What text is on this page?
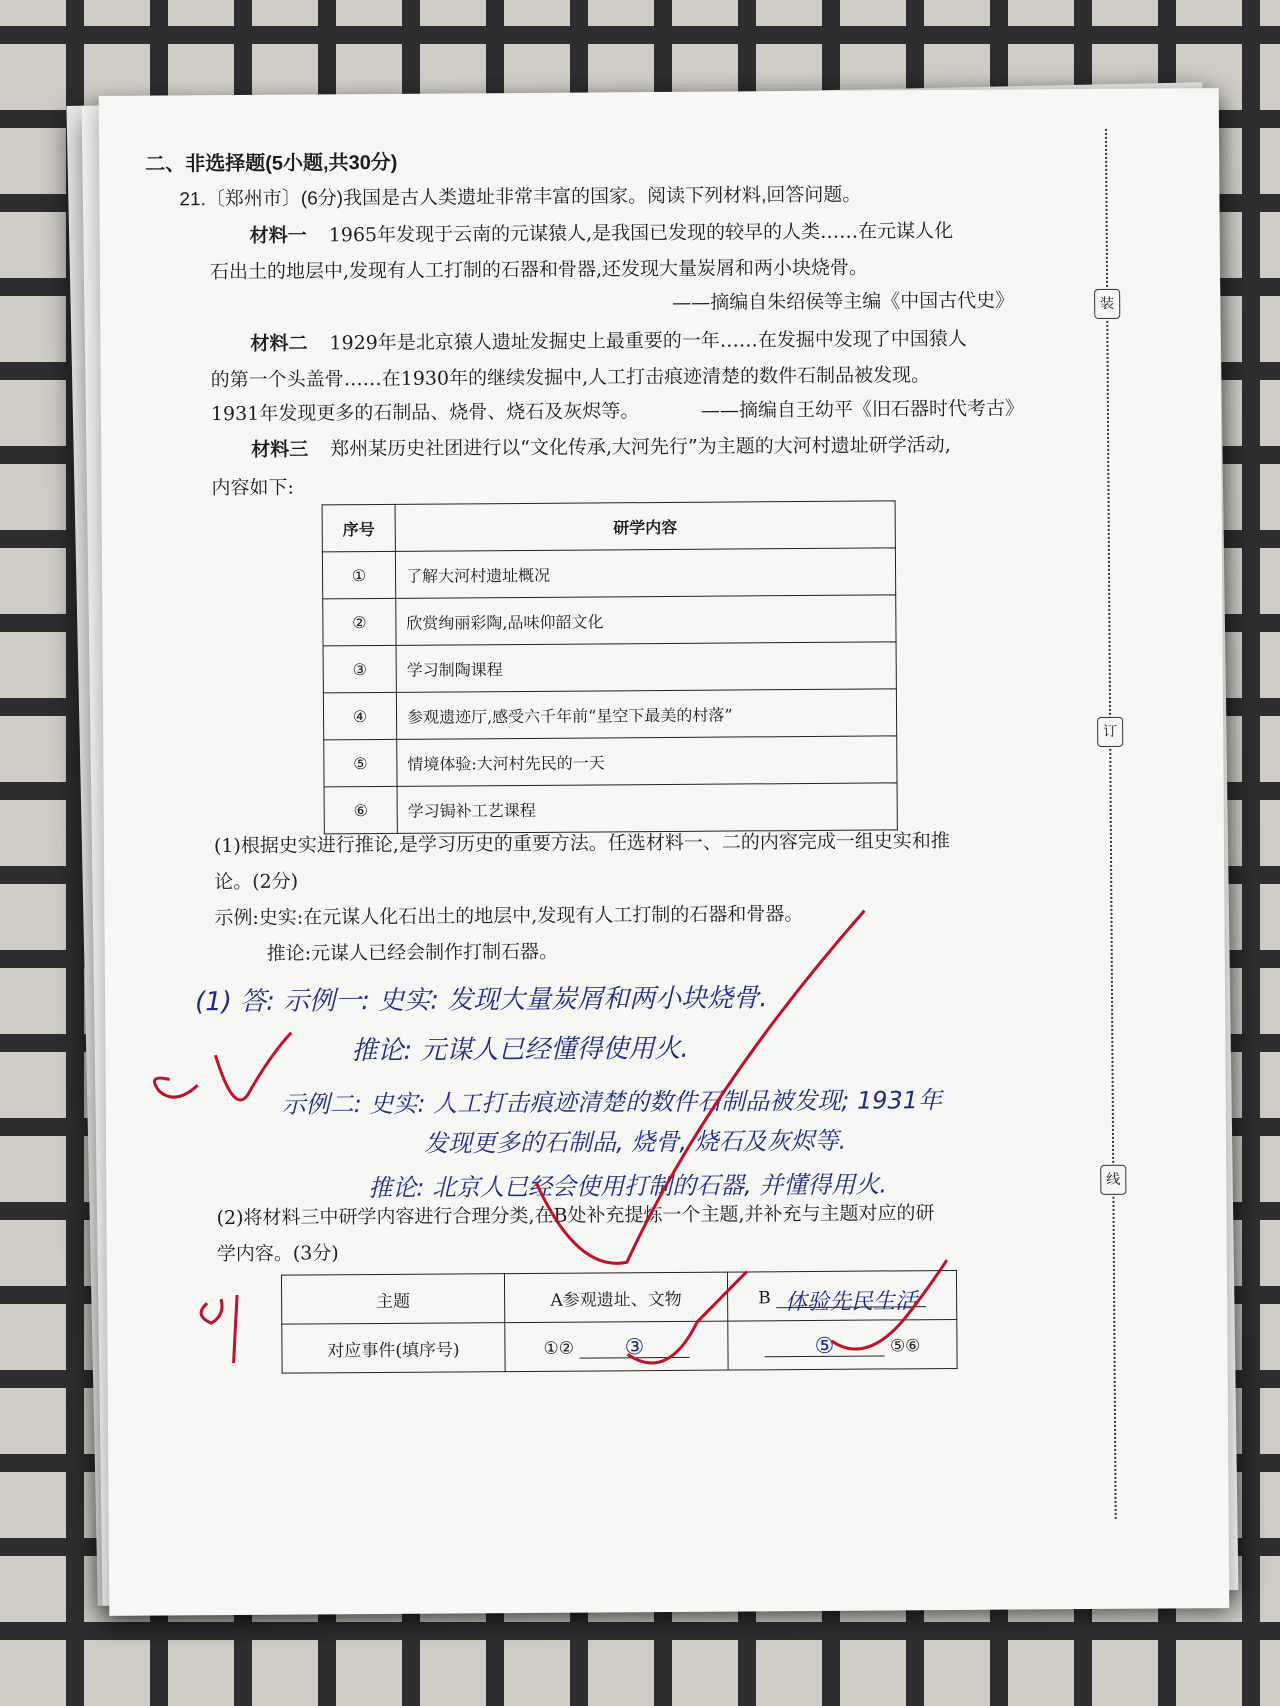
装
订
线
二、非选择题(5小题,共30分)
21.〔郑州市〕(6分)我国是古人类遗址非常丰富的国家。阅读下列材料,回答问题。
材料一 1965年发现于云南的元谋猿人,是我国已发现的较早的人类……在元谋人化
石出土的地层中,发现有人工打制的石器和骨器,还发现大量炭屑和两小块烧骨。
——摘编自朱绍侯等主编《中国古代史》
材料二 1929年是北京猿人遗址发掘史上最重要的一年……在发掘中发现了中国猿人
的第一个头盖骨……在1930年的继续发掘中,人工打击痕迹清楚的数件石制品被发现。
1931年发现更多的石制品、烧骨、烧石及灰烬等。	——摘编自王幼平《旧石器时代考古》
材料三 郑州某历史社团进行以“文化传承,大河先行”为主题的大河村遗址研学活动,
内容如下:
序号	研学内容
①	了解大河村遗址概况
②	欣赏绚丽彩陶,品味仰韶文化
③	学习制陶课程
④	参观遗迹厅,感受六千年前“星空下最美的村落”
⑤	情境体验:大河村先民的一天
⑥	学习锔补工艺课程
(1)根据史实进行推论,是学习历史的重要方法。任选材料一、二的内容完成一组史实和推
论。(2分)
示例:史实:在元谋人化石出土的地层中,发现有人工打制的石器和骨器。
推论:元谋人已经会制作打制石器。
(1) 答: 示例一: 史实: 发现大量炭屑和两小块烧骨.
推论: 元谋人已经懂得使用火.
示例二: 史实: 人工打击痕迹清楚的数件石制品被发现; 1931年
发现更多的石制品, 烧骨, 烧石及灰烬等.
推论: 北京人已经会使用打制的石器, 并懂得用火.
(2)将材料三中研学内容进行合理分类,在B处补充提炼一个主题,并补充与主题对应的研
学内容。(3分)
主题	A参观遗址、文物	B 体验先民生活
对应事件(填序号)	①② ③	⑤ ⑤⑥
